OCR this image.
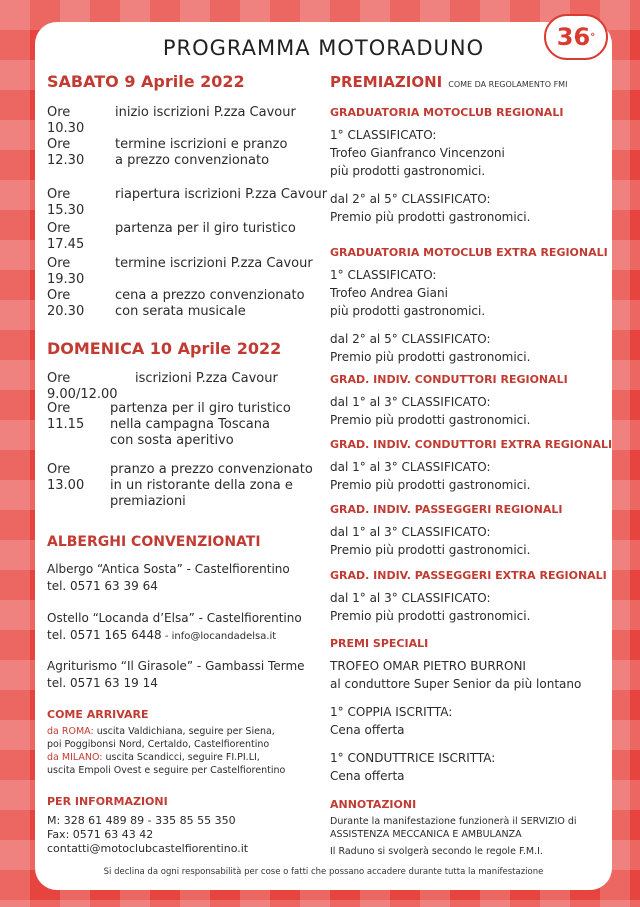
36 °
PROGRAMMA MOTORADUNO
SABATO 9 Aprile 2022
Ore 10.30
inizio iscrizioni P.zza Cavour
Ore 12.30
termine iscrizioni e pranzo
a prezzo convenzionato
Ore 15.30
riapertura iscrizioni P.zza Cavour
Ore 17.45
partenza per il giro turistico
Ore 19.30
termine iscrizioni P.zza Cavour
Ore 20.30
cena a prezzo convenzionato
con serata musicale
DOMENICA 10 Aprile 2022
Ore 9.00/12.00
iscrizioni P.zza Cavour
Ore 11.15
partenza per il giro turistico
nella campagna Toscana
con sosta aperitivo
Ore 13.00
pranzo a prezzo convenzionato
in un ristorante della zona e
premiazioni
ALBERGHI CONVENZIONATI
Albergo “Antica Sosta” - Castelfiorentino
tel. 0571 63 39 64
Ostello “Locanda d’Elsa” - Castelfiorentino
tel. 0571 165 6448 - info@locandadelsa.it
Agriturismo “Il Girasole” - Gambassi Terme
tel. 0571 63 19 14
COME ARRIVARE
da ROMA: uscita Valdichiana, seguire per Siena,
poi Poggibonsi Nord, Certaldo, Castelfiorentino
da MILANO: uscita Scandicci, seguire FI.PI.LI,
uscita Empoli Ovest e seguire per Castelfiorentino
PER INFORMAZIONI
M: 328 61 489 89 - 335 85 55 350
Fax: 0571 63 43 42
contatti@motoclubcastelfiorentino.it
PREMIAZIONI COME DA REGOLAMENTO FMI
GRADUATORIA MOTOCLUB REGIONALI
1° CLASSIFICATO:
Trofeo Gianfranco Vincenzoni
più prodotti gastronomici.
dal 2° al 5° CLASSIFICATO:
Premio più prodotti gastronomici.
GRADUATORIA MOTOCLUB EXTRA REGIONALI
1° CLASSIFICATO:
Trofeo Andrea Giani
più prodotti gastronomici.
dal 2° al 5° CLASSIFICATO:
Premio più prodotti gastronomici.
GRAD. INDIV. CONDUTTORI REGIONALI
dal 1° al 3° CLASSIFICATO:
Premio più prodotti gastronomici.
GRAD. INDIV. CONDUTTORI EXTRA REGIONALI
dal 1° al 3° CLASSIFICATO:
Premio più prodotti gastronomici.
GRAD. INDIV. PASSEGGERI REGIONALI
dal 1° al 3° CLASSIFICATO:
Premio più prodotti gastronomici.
GRAD. INDIV. PASSEGGERI EXTRA REGIONALI
dal 1° al 3° CLASSIFICATO:
Premio più prodotti gastronomici.
PREMI SPECIALI
TROFEO OMAR PIETRO BURRONI
al conduttore Super Senior da più lontano
1° COPPIA ISCRITTA:
Cena offerta
1° CONDUTTRICE ISCRITTA:
Cena offerta
ANNOTAZIONI
Durante la manifestazione funzionerà il SERVIZIO di
ASSISTENZA MECCANICA E AMBULANZA
Il Raduno si svolgerà secondo le regole F.M.I.
Si declina da ogni responsabilità per cose o fatti che possano accadere durante tutta la manifestazione
